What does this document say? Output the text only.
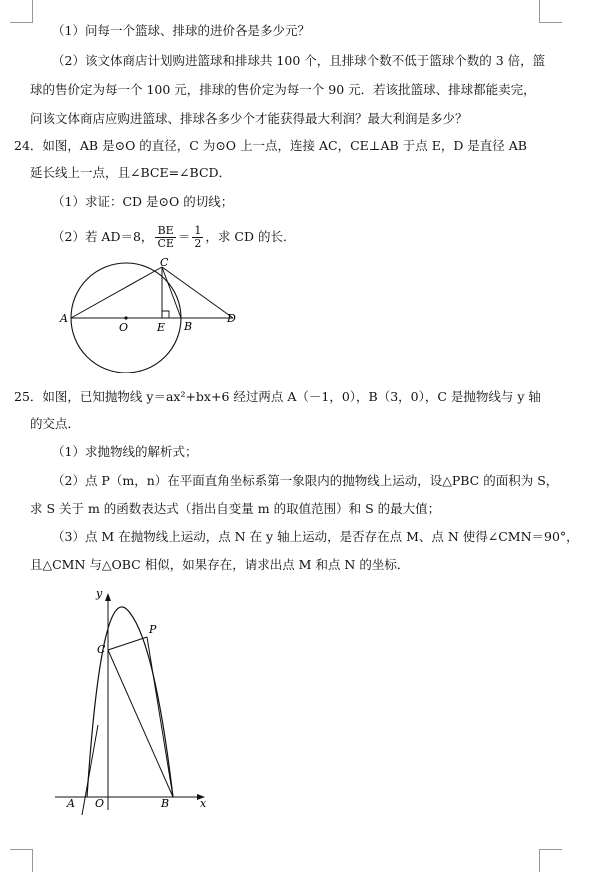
（1）问每一个篮球、排球的进价各是多少元？
（2）该文体商店计划购进篮球和排球共 100 个，且排球个数不低于篮球个数的 3 倍，篮
球的售价定为每一个 100 元，排球的售价定为每一个 90 元．若该批篮球、排球都能卖完，
问该文体商店应购进篮球、排球各多少个才能获得最大利润？最大利润是多少？
24．如图，AB 是⊙O 的直径，C 为⊙O 上一点，连接 AC，CE⊥AB 于点 E，D 是直径 AB
延长线上一点，且∠BCE=∠BCD．
（1）求证：CD 是⊙O 的切线；
（2）若 AD＝8， $\frac{BE}{CE} = \frac{1}{2}$ ，求 CD 的长．
A
O	E B
C
D
25．如图，已知抛物线 y＝ax²+bx+6 经过两点 A（－1，0），B（3，0），C 是抛物线与 y 轴
的交点．
（1）求抛物线的解析式；
（2）点 P（m，n）在平面直角坐标系第一象限内的抛物线上运动，设△PBC 的面积为 S，
求 S 关于 m 的函数表达式（指出自变量 m 的取值范围）和 S 的最大值；
（3）点 M 在抛物线上运动，点 N 在 y 轴上运动，是否存在点 M、点 N 使得∠CMN＝90°，
且△CMN 与△OBC 相似，如果存在，请求出点 M 和点 N 的坐标．
y
x
C
P
A O	B
